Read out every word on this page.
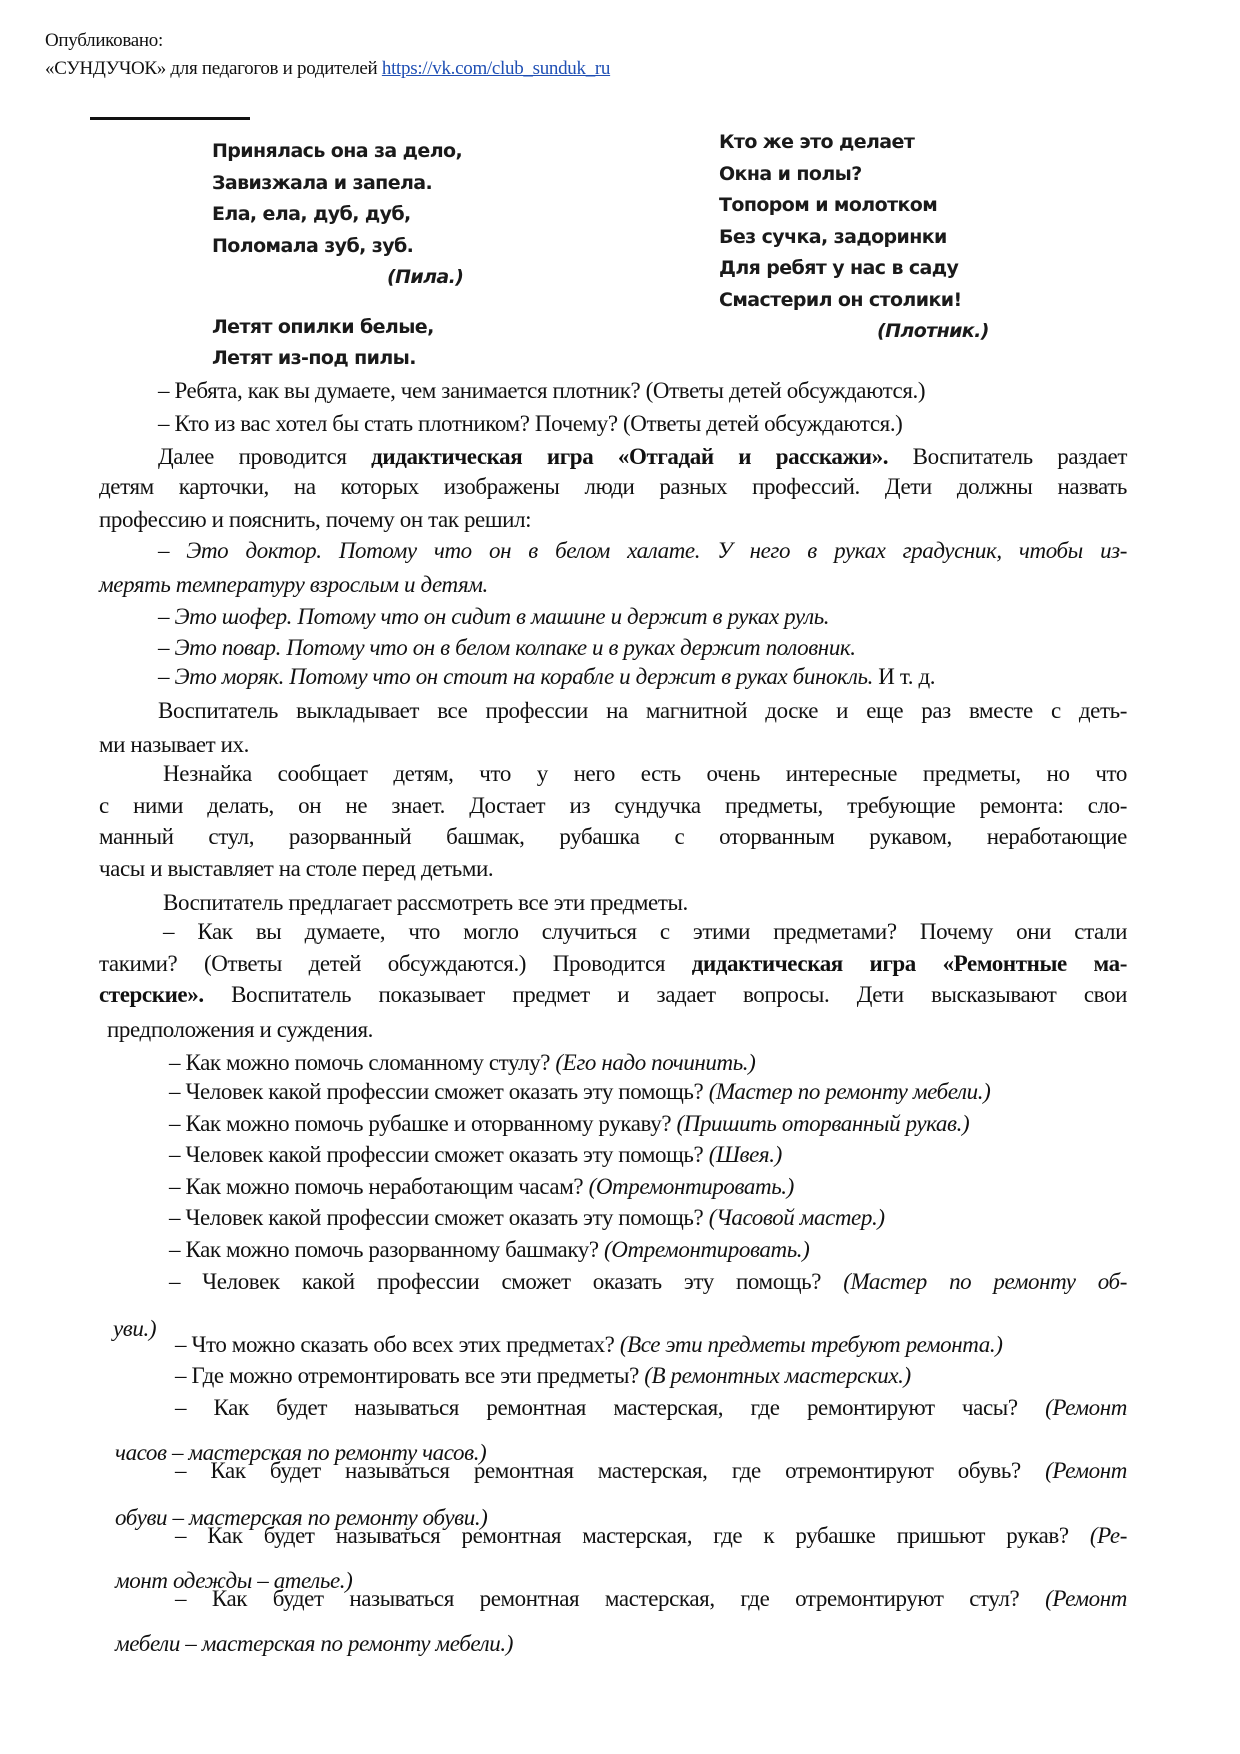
Опубликовано:
«СУНДУЧОК» для педагогов и родителей https://vk.com/club_sunduk_ru
Принялась она за дело,
Завизжала и запела.
Ела, ела, дуб, дуб,
Поломала зуб, зуб.
(Пила.)
Летят опилки белые,
Летят из-под пилы.
Кто же это делает
Окна и полы?
Топором и молотком
Без сучка, задоринки
Для ребят у нас в саду
Смастерил он столики!
(Плотник.)
– Ребята, как вы думаете, чем занимается плотник? (Ответы детей обсуждаются.)
– Кто из вас хотел бы стать плотником? Почему? (Ответы детей обсуждаются.)
Далее проводится дидактическая игра «Отгадай и расскажи». Воспитатель раздает
детям карточки, на которых изображены люди разных профессий. Дети должны назвать
профессию и пояснить, почему он так решил:
– Это доктор. Потому что он в белом халате. У него в руках градусник, чтобы из-
мерять температуру взрослым и детям.
– Это шофер. Потому что он сидит в машине и держит в руках руль.
– Это повар. Потому что он в белом колпаке и в руках держит половник.
– Это моряк. Потому что он стоит на корабле и держит в руках бинокль. И т. д.
Воспитатель выкладывает все профессии на магнитной доске и еще раз вместе с деть-
ми называет их.
Незнайка сообщает детям, что у него есть очень интересные предметы, но что
с ними делать, он не знает. Достает из сундучка предметы, требующие ремонта: сло-
манный стул, разорванный башмак, рубашка с оторванным рукавом, неработающие
часы и выставляет на столе перед детьми.
Воспитатель предлагает рассмотреть все эти предметы.
– Как вы думаете, что могло случиться с этими предметами? Почему они стали
такими? (Ответы детей обсуждаются.) Проводится дидактическая игра «Ремонтные ма-
стерские». Воспитатель показывает предмет и задает вопросы. Дети высказывают свои
предположения и суждения.
– Как можно помочь сломанному стулу? (Его надо починить.)
– Человек какой профессии сможет оказать эту помощь? (Мастер по ремонту мебели.)
– Как можно помочь рубашке и оторванному рукаву? (Пришить оторванный рукав.)
– Человек какой профессии сможет оказать эту помощь? (Швея.)
– Как можно помочь неработающим часам? (Отремонтировать.)
– Человек какой профессии сможет оказать эту помощь? (Часовой мастер.)
– Как можно помочь разорванному башмаку? (Отремонтировать.)
– Человек какой профессии сможет оказать эту помощь? (Мастер по ремонту об-
уви.)
– Что можно сказать обо всех этих предметах? (Все эти предметы требуют ремонта.)
– Где можно отремонтировать все эти предметы? (В ремонтных мастерских.)
– Как будет называться ремонтная мастерская, где ремонтируют часы? (Ремонт
часов – мастерская по ремонту часов.)
– Как будет называться ремонтная мастерская, где отремонтируют обувь? (Ремонт
обуви – мастерская по ремонту обуви.)
– Как будет называться ремонтная мастерская, где к рубашке пришьют рукав? (Ре-
монт одежды – ателье.)
– Как будет называться ремонтная мастерская, где отремонтируют стул? (Ремонт
мебели – мастерская по ремонту мебели.)
